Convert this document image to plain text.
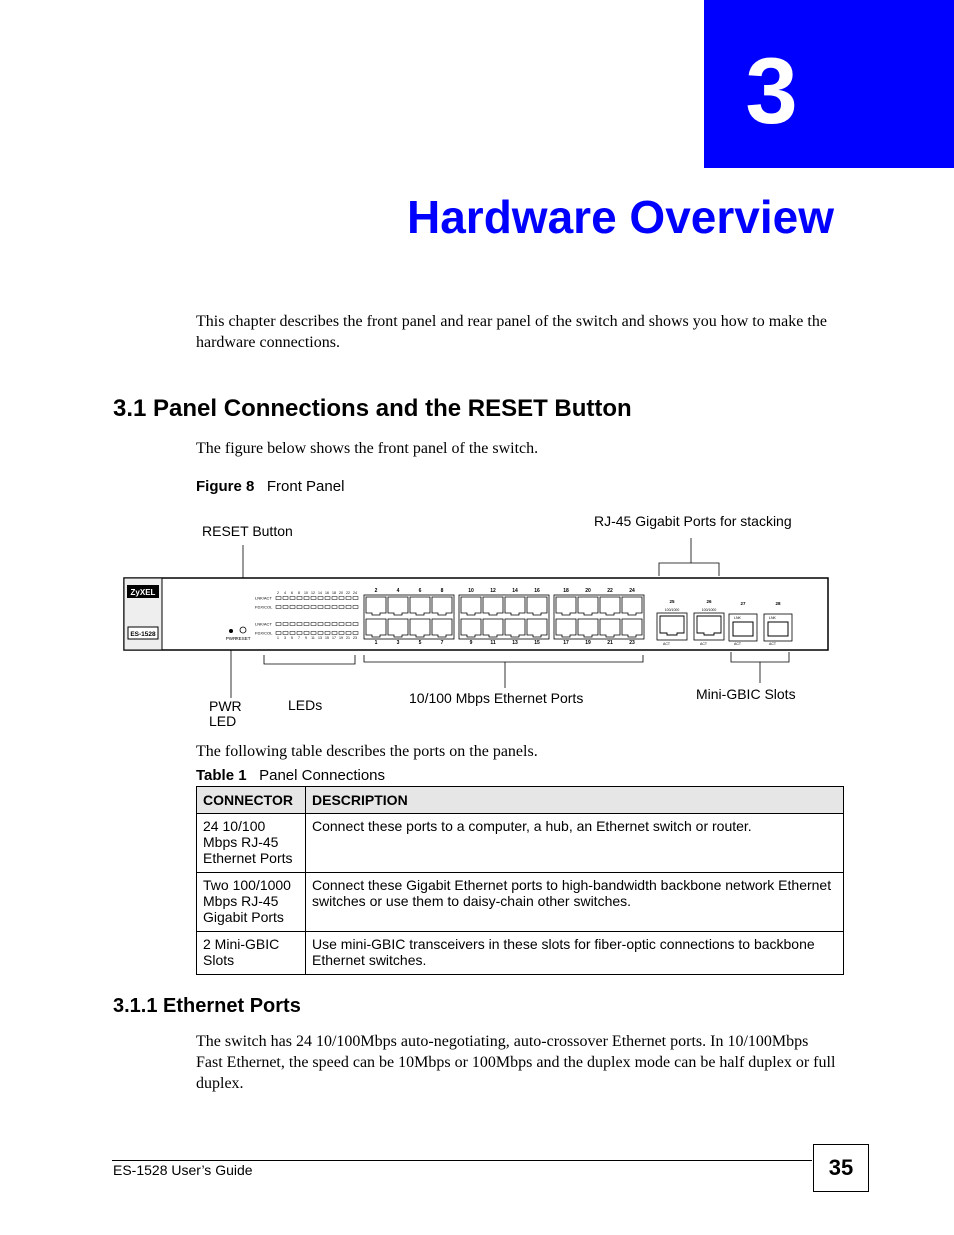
3
Hardware Overview
This chapter describes the front panel and rear panel of the switch and shows you how to make the hardware connections.
3.1 Panel Connections and the RESET Button
The figure below shows the front panel of the switch.
Figure 8 Front Panel
RESET Button
RJ-45 Gigabit Ports for stacking
PWR
LED
LEDs	10/100 Mbps Ethernet Ports	Mini-GBIC Slots
ZyXEL
ES-1528
PWR RESET
LNK/ACT
FDX/COL
LNK/ACT
FDX/COL
2 4 6 8 10 12 14 16 18 20 22 24
1 3 5 7 9 11 13 15 17 19 21 23
2
1
4
3
6
5
8
7
10
9
12
11
14
13
16
15
18
17
20
19
22
21
24
23
25
100/1000
ACT
26
100/1000
ACT
27
LNK
ACT
28
LNK
ACT
The following table describes the ports on the panels.
Table 1 Panel Connections
CONNECTOR	DESCRIPTION
24 10/100 Mbps RJ-45 Ethernet Ports	Connect these ports to a computer, a hub, an Ethernet switch or router.
Two 100/1000 Mbps RJ-45 Gigabit Ports	Connect these Gigabit Ethernet ports to high-bandwidth backbone network Ethernet switches or use them to daisy-chain other switches.
2 Mini-GBIC Slots	Use mini-GBIC transceivers in these slots for fiber-optic connections to backbone Ethernet switches.
3.1.1 Ethernet Ports
The switch has 24 10/100Mbps auto-negotiating, auto-crossover Ethernet ports. In 10/100Mbps Fast Ethernet, the speed can be 10Mbps or 100Mbps and the duplex mode can be half duplex or full duplex.
ES-1528 User’s Guide	35
